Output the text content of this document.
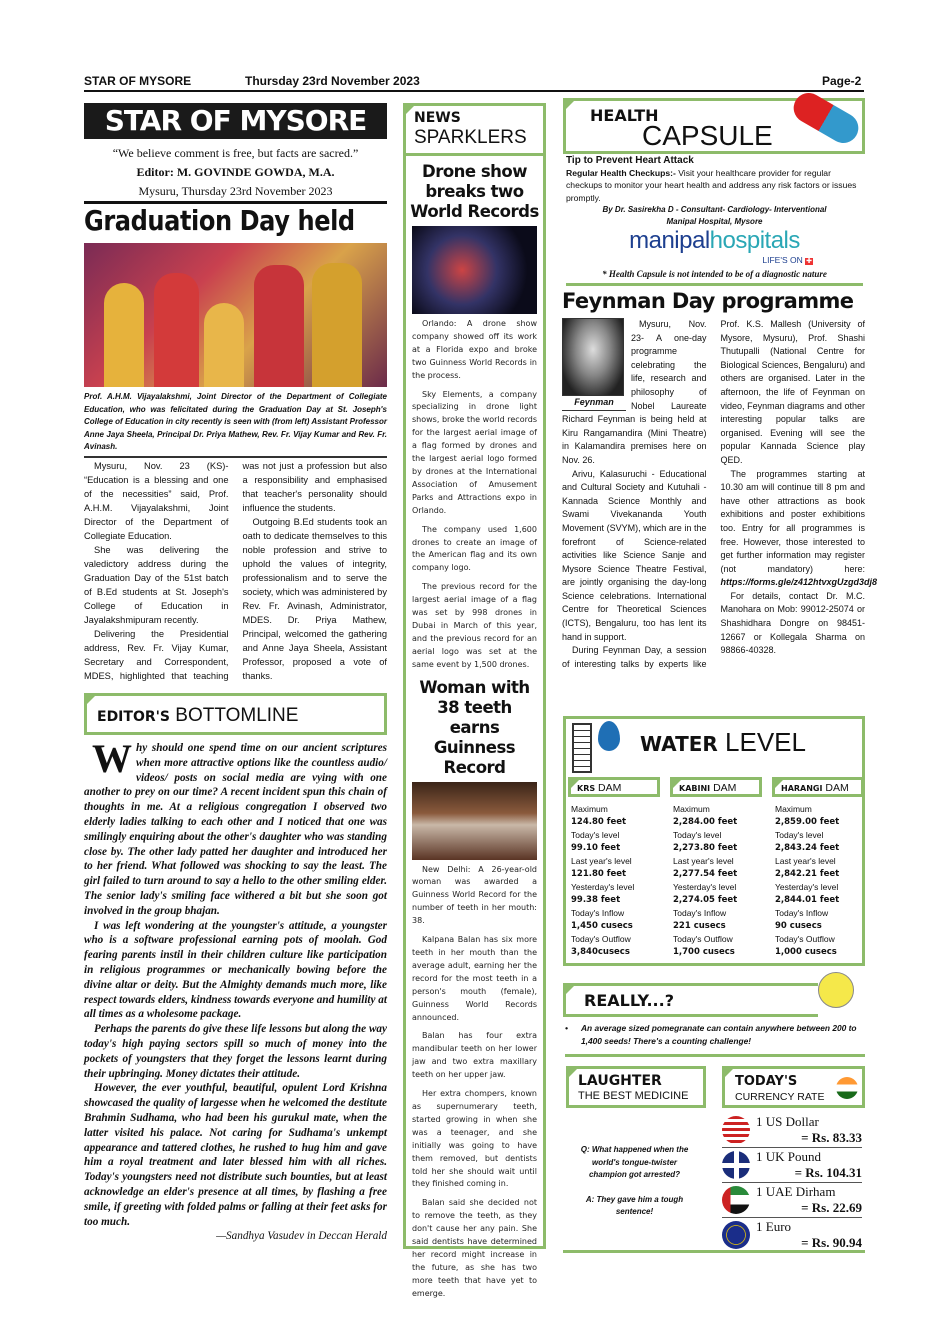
STAR OF MYSORE	Thursday 23rd November 2023	Page-2
STAR OF MYSORE
“We believe comment is free, but facts are sacred.”
Editor: M. GOVINDE GOWDA, M.A.
Mysuru, Thursday 23rd November 2023
Graduation Day held
Prof. A.H.M. Vijayalakshmi, Joint Director of the Department of Collegiate Education, who was felicitated during the Graduation Day at St. Joseph's College of Education in city recently is seen with (from left) Assistant Professor Anne Jaya Sheela, Principal Dr. Priya Mathew, Rev. Fr. Vijay Kumar and Rev. Fr. Avinash.

Mysuru, Nov. 23 (KS)- “Education is a blessing and one of the necessities” said, Prof. A.H.M. Vijayalakshmi, Joint Director of the Department of Collegiate Education.

She was delivering the valedictory address during the Graduation Day of the 51st batch of B.Ed students at St. Joseph's College of Education in Jayalakshmipuram recently.

Delivering the Presidential address, Rev. Fr. Vijay Kumar, Secretary and Correspondent, MDES, highlighted that teaching was not just a profession but also a responsibility and emphasised that teacher's personality should influence the students.

Outgoing B.Ed students took an oath to dedicate themselves to this noble profession and strive to uphold the values of integrity, professionalism and to serve the society, which was administered by Rev. Fr. Avinash, Administrator, MDES. Dr. Priya Mathew, Principal, welcomed the gathering and Anne Jaya Sheela, Assistant Professor, proposed a vote of thanks.

EDITOR'S BOTTOMLINE

Why should one spend time on our ancient scriptures when more attractive options like the countless audio/ videos/ posts on social media are vying with one another to prey on our time? A recent incident spun this chain of thoughts in me. At a religious congregation I observed two elderly ladies talking to each other and I noticed that one was smilingly enquiring about the other's daughter who was standing close by. The other lady patted her daughter and introduced her to her friend. What followed was shocking to say the least. The girl failed to turn around to say a hello to the other smiling elder. The senior lady's smiling face withered a bit but she soon got involved in the group bhajan.

I was left wondering at the youngster's attitude, a youngster who is a software professional earning pots of moolah. God fearing parents instil in their children culture like participation in religious programmes or mechanically bowing before the divine altar or deity. But the Almighty demands much more, like respect towards elders, kindness towards everyone and humility at all times as a wholesome package.

Perhaps the parents do give these life lessons but along the way today's high paying sectors spill so much of money into the pockets of youngsters that they forget the lessons learnt during their upbringing. Money dictates their attitude.

However, the ever youthful, beautiful, opulent Lord Krishna showcased the quality of largesse when he welcomed the destitute Brahmin Sudhama, who had been his gurukul mate, when the latter visited his palace. Not caring for Sudhama's unkempt appearance and tattered clothes, he rushed to hug him and gave him a royal treatment and later blessed him with all riches. Today's youngsters need not distribute such bounties, but at least acknowledge an elder's presence at all times, by flashing a free smile, if greeting with folded palms or falling at their feet asks for too much.

—Sandhya Vasudev in Deccan Herald
NEWS
SPARKLERS
Drone show breaks two World Records

Orlando: A drone show company showed off its work at a Florida expo and broke two Guinness World Records in the process.

Sky Elements, a company specializing in drone light shows, broke the world records for the largest aerial image of a flag formed by drones and the largest aerial logo formed by drones at the International Association of Amusement Parks and Attractions expo in Orlando.

The company used 1,600 drones to create an image of the American flag and its own company logo.

The previous record for the largest aerial image of a flag was set by 998 drones in Dubai in March of this year, and the previous record for an aerial logo was set at the same event by 1,500 drones.

Woman with 38 teeth earns Guinness Record

New Delhi: A 26-year-old woman was awarded a Guinness World Record for the number of teeth in her mouth: 38.

Kalpana Balan has six more teeth in her mouth than the average adult, earning her the record for the most teeth in a person's mouth (female), Guinness World Records announced.

Balan has four extra mandibular teeth on her lower jaw and two extra maxillary teeth on her upper jaw.

Her extra chompers, known as supernumerary teeth, started growing in when she was a teenager, and she initially was going to have them removed, but dentists told her she should wait until they finished coming in.

Balan said she decided not to remove the teeth, as they don't cause her any pain. She said dentists have determined her record might increase in the future, as she has two more teeth that have yet to emerge.

HEALTH
CAPSULE
Tip to Prevent Heart Attack
Regular Health Checkups:- Visit your healthcare provider for regular checkups to monitor your heart health and address any risk factors or issues promptly.
By Dr. Sasirekha D - Consultant- Cardiology- Interventional
Manipal Hospital, Mysore
manipalhospitals
LIFE'S ON ✚
* Health Capsule is not intended to be of a diagnostic nature
Feynman Day programme
Feynman

Mysuru, Nov. 23- A one-day programme celebrating the life, research and philosophy of Nobel Laureate Richard Feynman is being held at Kiru Rangamandira (Mini Theatre) in Kalamandira premises here on Nov. 26.

Arivu, Kalasuruchi - Educational and Cultural Society and Kutuhali - Kannada Science Monthly and Swami Vivekananda Youth Movement (SVYM), which are in the forefront of Science-related activities like Science Sanje and Mysore Science Theatre Festival, are jointly organising the day-long Science celebrations. International Centre for Theoretical Sciences (ICTS), Bengaluru, too has lent its hand in support.

During Feynman Day, a session of interesting talks by experts like Prof. K.S. Mallesh (University of Mysore, Mysuru), Prof. Shashi Thutupalli (National Centre for Biological Sciences, Bengaluru) and others are organised. Later in the afternoon, the life of Feynman on video, Feynman diagrams and other interesting popular talks are organised. Evening will see the popular Kannada Science play QED.

The programmes starting at 10.30 am will continue till 8 pm and have other attractions as book exhibitions and poster exhibitions too. Entry for all programmes is free. However, those interested to get further information may register (not mandatory) here: https://forms.gle/z412htvxgUzgd3dj8

For details, contact Dr. M.C. Manohara on Mob: 99012-25074 or Shashidhara Dongre on 98451-12667 or Kollegala Sharma on 98866-40328.

WATER LEVEL
KRS DAM
Maximum
124.80 feet
Today's level
99.10 feet
Last year's level
121.80 feet
Yesterday's level
99.38 feet
Today's Inflow
1,450 cusecs
Today's Outflow
3,840cusecs
KABINI DAM
Maximum
2,284.00 feet
Today's level
2,273.80 feet
Last year's level
2,277.54 feet
Yesterday's level
2,274.05 feet
Today's Inflow
221 cusecs
Today's Outflow
1,700 cusecs
HARANGI DAM
Maximum
2,859.00 feet
Today's level
2,843.24 feet
Last year's level
2,842.21 feet
Yesterday's level
2,844.01 feet
Today's Inflow
90 cusecs
Today's Outflow
1,000 cusecs
REALLY...?
• An average sized pomegranate can contain anywhere between 200 to 1,400 seeds! There's a counting challenge!
LAUGHTER
THE BEST MEDICINE
Q: What happened when the world's tongue-twister champion got arrested?
A: They gave him a tough sentence!
TODAY'S
CURRENCY RATE
1 US Dollar
= Rs. 83.33
1 UK Pound
= Rs. 104.31
1 UAE Dirham
= Rs. 22.69
1 Euro
= Rs. 90.94
